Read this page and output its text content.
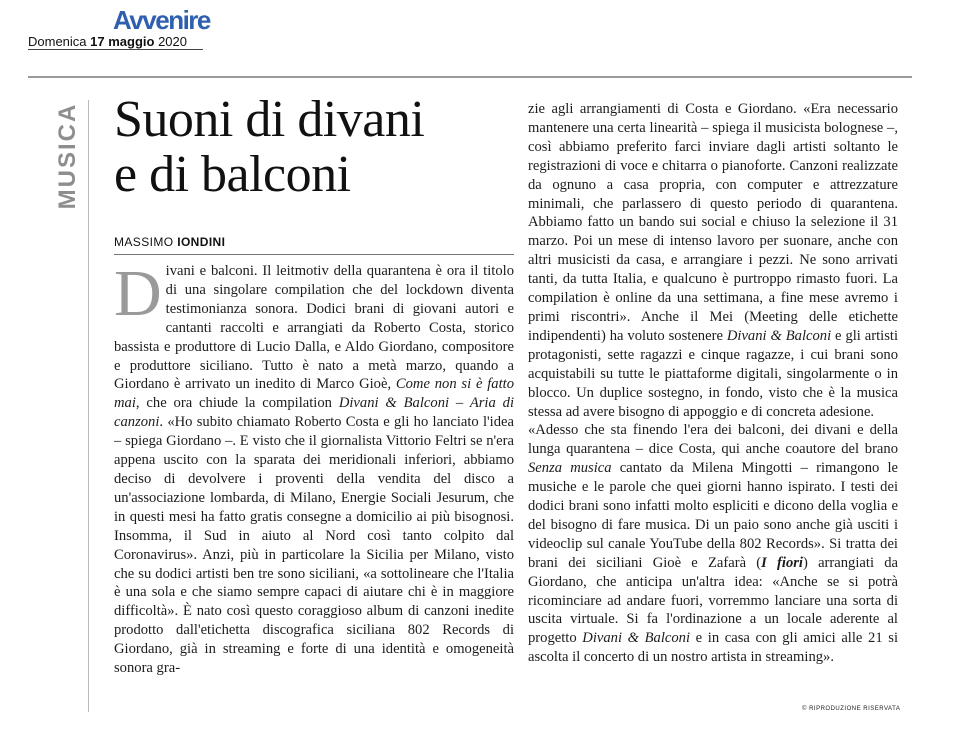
Avvenire
Domenica 17 maggio 2020
MUSICA Suoni di divani
e di balconi
MASSIMO IONDINI

D ivani e balconi. Il leitmotiv della quarantena è ora il titolo di una singolare compilation che del lockdown diventa testimonianza sonora. Dodici brani di giovani autori e cantanti raccolti e arrangiati da Roberto Costa, storico bassista e produttore di Lucio Dalla, e Aldo Giordano, compositore e produttore siciliano. Tutto è nato a metà marzo, quando a Giordano è arrivato un inedito di Marco Gioè, Come non si è fatto mai, che ora chiude la compilation Divani & Balconi – Aria di canzoni. «Ho subito chiamato Roberto Costa e gli ho lanciato l'idea – spiega Giordano –. E visto che il giornalista Vittorio Feltri se n'era appena uscito con la sparata dei meridionali inferiori, abbiamo deciso di devolvere i proventi della vendita del disco a un'associazione lombarda, di Milano, Energie Sociali Jesurum, che in questi mesi ha fatto gratis consegne a domicilio ai più bisognosi. Insomma, il Sud in aiuto al Nord così tanto colpito dal Coronavirus». Anzi, più in particolare la Sicilia per Milano, visto che su dodici artisti ben tre sono siciliani, «a sottolineare che l'Italia è una sola e che siamo sempre capaci di aiutare chi è in maggiore difficoltà». È nato così questo coraggioso album di canzoni inedite prodotto dall'etichetta discografica siciliana 802 Records di Giordano, già in streaming e forte di una identità e omogeneità sonora gra-

zie agli arrangiamenti di Costa e Giordano. «Era necessario mantenere una certa linearità – spiega il musicista bolognese –, così abbiamo preferito farci inviare dagli artisti soltanto le registrazioni di voce e chitarra o pianoforte. Canzoni realizzate da ognuno a casa propria, con computer e attrezzature minimali, che parlassero di questo periodo di quarantena. Abbiamo fatto un bando sui social e chiuso la selezione il 31 marzo. Poi un mese di intenso lavoro per suonare, anche con altri musicisti da casa, e arrangiare i pezzi. Ne sono arrivati tanti, da tutta Italia, e qualcuno è purtroppo rimasto fuori. La compilation è online da una settimana, a fine mese avremo i primi riscontri». Anche il Mei (Meeting delle etichette indipendenti) ha voluto sostenere Divani & Balconi e gli artisti protagonisti, sette ragazzi e cinque ragazze, i cui brani sono acquistabili su tutte le piattaforme digitali, singolarmente o in blocco. Un duplice sostegno, in fondo, visto che è la musica stessa ad avere bisogno di appoggio e di concreta adesione.
«Adesso che sta finendo l'era dei balconi, dei divani e della lunga quarantena – dice Costa, qui anche coautore del brano Senza musica cantato da Milena Mingotti – rimangono le musiche e le parole che quei giorni hanno ispirato. I testi dei dodici brani sono infatti molto espliciti e dicono della voglia e del bisogno di fare musica. Di un paio sono anche già usciti i videoclip sul canale YouTube della 802 Records». Si tratta dei brani dei siciliani Gioè e Zafarà (I fiori) arrangiati da Giordano, che anticipa un'altra idea: «Anche se si potrà ricominciare ad andare fuori, vorremmo lanciare una sorta di uscita virtuale. Si fa l'ordinazione a un locale aderente al progetto Divani & Balconi e in casa con gli amici alle 21 si ascolta il concerto di un nostro artista in streaming».

© RIPRODUZIONE RISERVATA
